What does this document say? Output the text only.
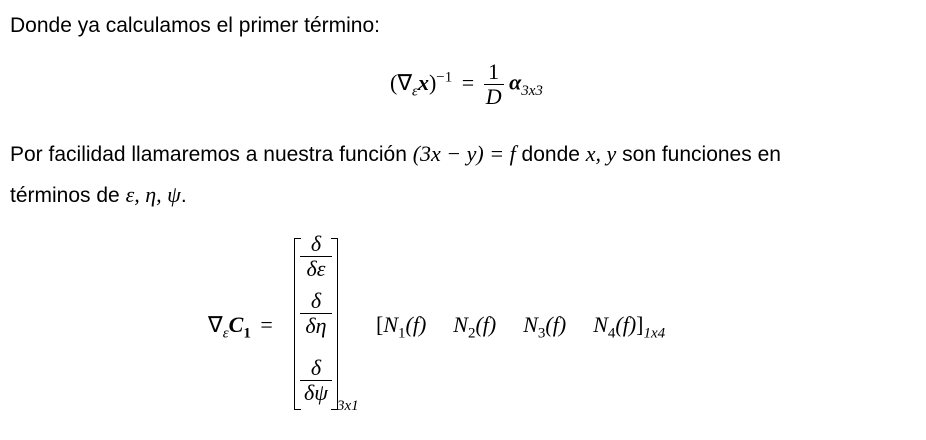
Donde ya calculamos el primer término:
$(\nabla_\varepsilon x)^{-1} = \frac{1}{D} \alpha_{3x3}$
Por facilidad llamaremos a nuestra función (3x − y) = f donde x, y son funciones en
términos de ε, η, ψ.
$\nabla_\varepsilon C_1$ =
$\frac{\delta}{\delta\varepsilon}$
$\frac{\delta}{\delta\eta}$
$\frac{\delta}{\delta\psi}$
3x1
[$N_1(f)$ $N_2(f)$ $N_3(f)$ $N_4(f)]_{1x4}$
